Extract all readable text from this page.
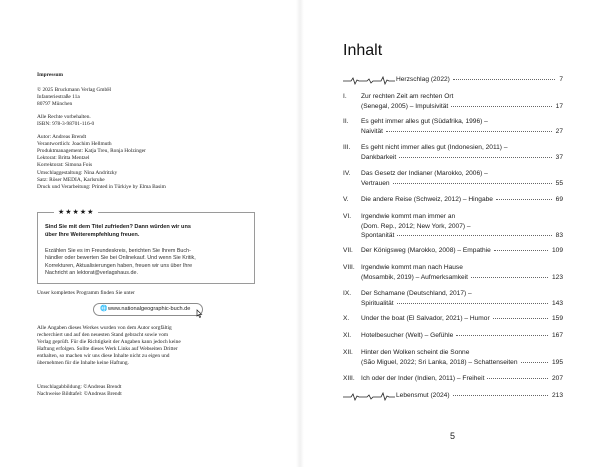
Impressum
© 2025 Bruckmann Verlag GmbH
Infanteriestraße 11a
80797 München
Alle Rechte vorbehalten.
ISBN: 978-3-98701-116-0
Autor: Andreas Brendt
Verantwortlich: Joachim Hellmuth
Produktmanagement: Katja Treu, Ronja Holzinger
Lektorat: Britta Mentzel
Korrektorat: Simona Fois
Umschlaggestaltung: Nina Andritzky
Satz: Röser MEDIA, Karlsruhe
Druck und Verarbeitung: Printed in Türkiye by Elma Basim
★★★★★
Sind Sie mit dem Titel zufrieden? Dann würden wir uns
über Ihre Weiterempfehlung freuen.
Erzählen Sie es im Freundeskreis, berichten Sie Ihrem Buch-
händler oder bewerten Sie bei Onlinekauf. Und wenn Sie Kritik,
Korrekturen, Aktualisierungen haben, freuen wir uns über Ihre
Nachricht an lektorat@verlagshaus.de.
Unser komplettes Programm finden Sie unter
🌐 www.nationalgeographic-buch.de
Alle Angaben dieses Werkes wurden von dem Autor sorgfältig
recherchiert und auf den neuesten Stand gebracht sowie vom
Verlag geprüft. Für die Richtigkeit der Angaben kann jedoch keine
Haftung erfolgen. Sollte dieses Werk Links auf Webseiten Dritter
enthalten, so machen wir uns diese Inhalte nicht zu eigen und
übernehmen für die Inhalte keine Haftung.
Umschlagabbildung: ©Andreas Brendt
Nachweise Bildtafel: ©Andreas Brendt
Inhalt
Herzschlag (2022)	7
I.	Zur rechten Zeit am rechten Ort
(Senegal, 2005) – Impulsivität	17
II.	Es geht immer alles gut (Südafrika, 1996) –
Naivität	27
III.	Es geht nicht immer alles gut (Indonesien, 2011) –
Dankbarkeit	37
IV.	Das Gesetz der Indianer (Marokko, 2006) –
Vertrauen	55
V.	Die andere Reise (Schweiz, 2012) – Hingabe	69
VI.	Irgendwie kommt man immer an
(Dom. Rep., 2012; New York, 2007) –
Spontanität	83
VII.	Der Königsweg (Marokko, 2008) – Empathie	109
VIII. Irgendwie kommt man nach Hause
(Mosambik, 2019) – Aufmerksamkeit	123
IX.	Der Schamane (Deutschland, 2017) –
Spiritualität	143
X.	Under the boat (El Salvador, 2021) – Humor	159
XI.	Hotelbesucher (Welt) – Gefühle	167
XII.	Hinter den Wolken scheint die Sonne
(São Miguel, 2022; Sri Lanka, 2018) – Schattenseiten	195
XIII. Ich oder der Inder (Indien, 2011) – Freiheit	207
Lebensmut (2024)	213
5
